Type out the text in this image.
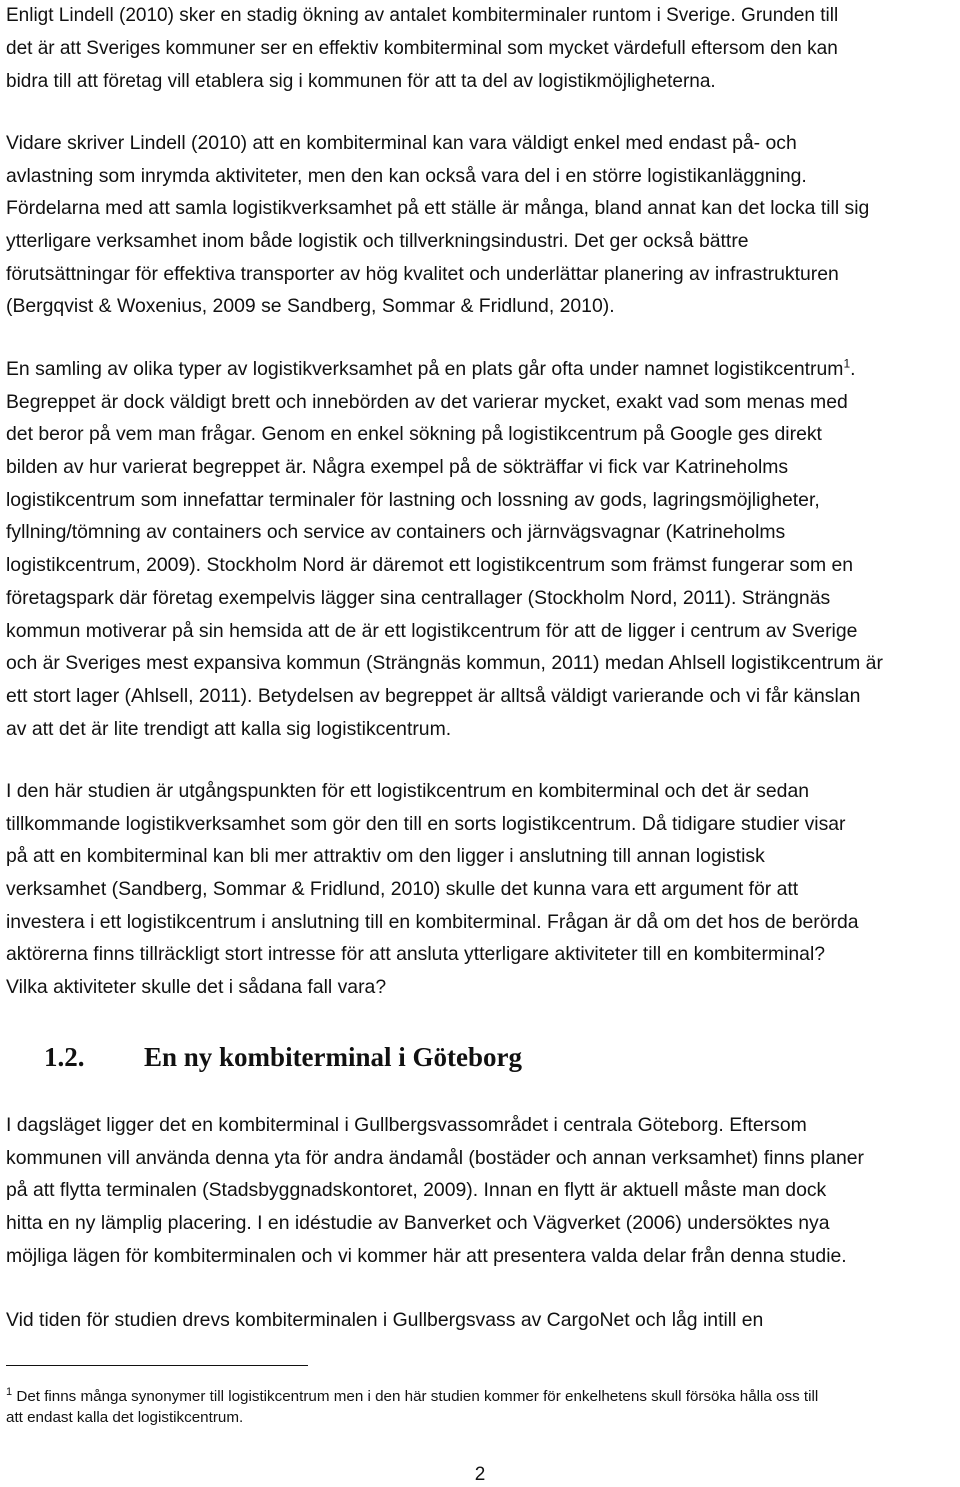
Enligt Lindell (2010) sker en stadig ökning av antalet kombiterminaler runtom i Sverige. Grunden till
det är att Sveriges kommuner ser en effektiv kombiterminal som mycket värdefull eftersom den kan
bidra till att företag vill etablera sig i kommunen för att ta del av logistikmöjligheterna.

Vidare skriver Lindell (2010) att en kombiterminal kan vara väldigt enkel med endast på- och
avlastning som inrymda aktiviteter, men den kan också vara del i en större logistikanläggning.
Fördelarna med att samla logistikverksamhet på ett ställe är många, bland annat kan det locka till sig
ytterligare verksamhet inom både logistik och tillverkningsindustri. Det ger också bättre
förutsättningar för effektiva transporter av hög kvalitet och underlättar planering av infrastrukturen
(Bergqvist & Woxenius, 2009 se Sandberg, Sommar & Fridlund, 2010).

En samling av olika typer av logistikverksamhet på en plats går ofta under namnet logistikcentrum$^1$.
Begreppet är dock väldigt brett och innebörden av det varierar mycket, exakt vad som menas med
det beror på vem man frågar. Genom en enkel sökning på logistikcentrum på Google ges direkt
bilden av hur varierat begreppet är. Några exempel på de sökträffar vi fick var Katrineholms
logistikcentrum som innefattar terminaler för lastning och lossning av gods, lagringsmöjligheter,
fyllning/tömning av containers och service av containers och järnvägsvagnar (Katrineholms
logistikcentrum, 2009). Stockholm Nord är däremot ett logistikcentrum som främst fungerar som en
företagspark där företag exempelvis lägger sina centrallager (Stockholm Nord, 2011). Strängnäs
kommun motiverar på sin hemsida att de är ett logistikcentrum för att de ligger i centrum av Sverige
och är Sveriges mest expansiva kommun (Strängnäs kommun, 2011) medan Ahlsell logistikcentrum är
ett stort lager (Ahlsell, 2011). Betydelsen av begreppet är alltså väldigt varierande och vi får känslan
av att det är lite trendigt att kalla sig logistikcentrum.

I den här studien är utgångspunkten för ett logistikcentrum en kombiterminal och det är sedan
tillkommande logistikverksamhet som gör den till en sorts logistikcentrum. Då tidigare studier visar
på att en kombiterminal kan bli mer attraktiv om den ligger i anslutning till annan logistisk
verksamhet (Sandberg, Sommar & Fridlund, 2010) skulle det kunna vara ett argument för att
investera i ett logistikcentrum i anslutning till en kombiterminal. Frågan är då om det hos de berörda
aktörerna finns tillräckligt stort intresse för att ansluta ytterligare aktiviteter till en kombiterminal?
Vilka aktiviteter skulle det i sådana fall vara?

1.2. En ny kombiterminal i Göteborg

I dagsläget ligger det en kombiterminal i Gullbergsvassområdet i centrala Göteborg. Eftersom
kommunen vill använda denna yta för andra ändamål (bostäder och annan verksamhet) finns planer
på att flytta terminalen (Stadsbyggnadskontoret, 2009). Innan en flytt är aktuell måste man dock
hitta en ny lämplig placering. I en idéstudie av Banverket och Vägverket (2006) undersöktes nya
möjliga lägen för kombiterminalen och vi kommer här att presentera valda delar från denna studie.

Vid tiden för studien drevs kombiterminalen i Gullbergsvass av CargoNet och låg intill en

$^1$ Det finns många synonymer till logistikcentrum men i den här studien kommer för enkelhetens skull försöka hålla oss till
att endast kalla det logistikcentrum.

2
